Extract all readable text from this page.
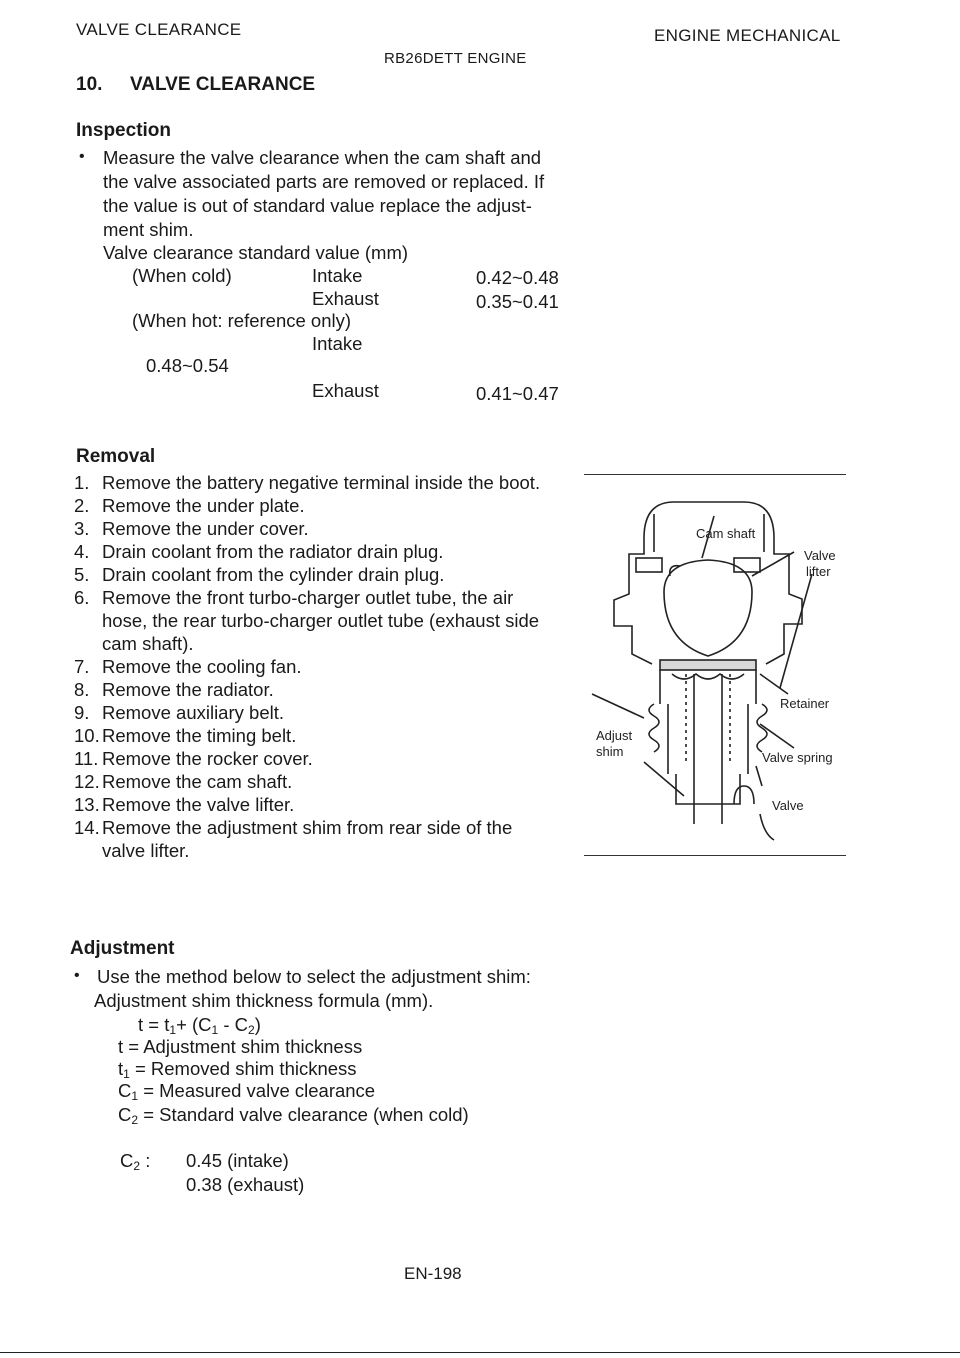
VALVE CLEARANCE
RB26DETT ENGINE
ENGINE MECHANICAL
10. VALVE CLEARANCE
Inspection
• Measure the valve clearance when the cam shaft and
the valve associated parts are removed or replaced. If
the value is out of standard value replace the adjust-
ment shim.
Valve clearance standard value (mm)
(When cold)	Intake	0.42~0.48
Exhaust	0.35~0.41
(When hot: reference only)
Intake
0.48~0.54
Exhaust	0.41~0.47
Removal
1. Remove the battery negative terminal inside the boot.
2. Remove the under plate.
3. Remove the under cover.
4. Drain coolant from the radiator drain plug.
5. Drain coolant from the cylinder drain plug.
6. Remove the front turbo-charger outlet tube, the air
hose, the rear turbo-charger outlet tube (exhaust side
cam shaft).
7. Remove the cooling fan.
8. Remove the radiator.
9. Remove auxiliary belt.
10. Remove the timing belt.
11. Remove the rocker cover.
12. Remove the cam shaft.
13. Remove the valve lifter.
14. Remove the adjustment shim from rear side of the
valve lifter.
Cam shaft
Valve
lifter
Retainer
Adjust
shim	Valve spring
Valve
Adjustment
• Use the method below to select the adjustment shim:
Adjustment shim thickness formula (mm).
$t = t_1+ (C_1 - C_2)$
t = Adjustment shim thickness
$t_1$ = Removed shim thickness
$C_1$ = Measured valve clearance
$C_2$ = Standard valve clearance (when cold)
$C_2$ : 0.45 (intake)
0.38 (exhaust)
EN-198
